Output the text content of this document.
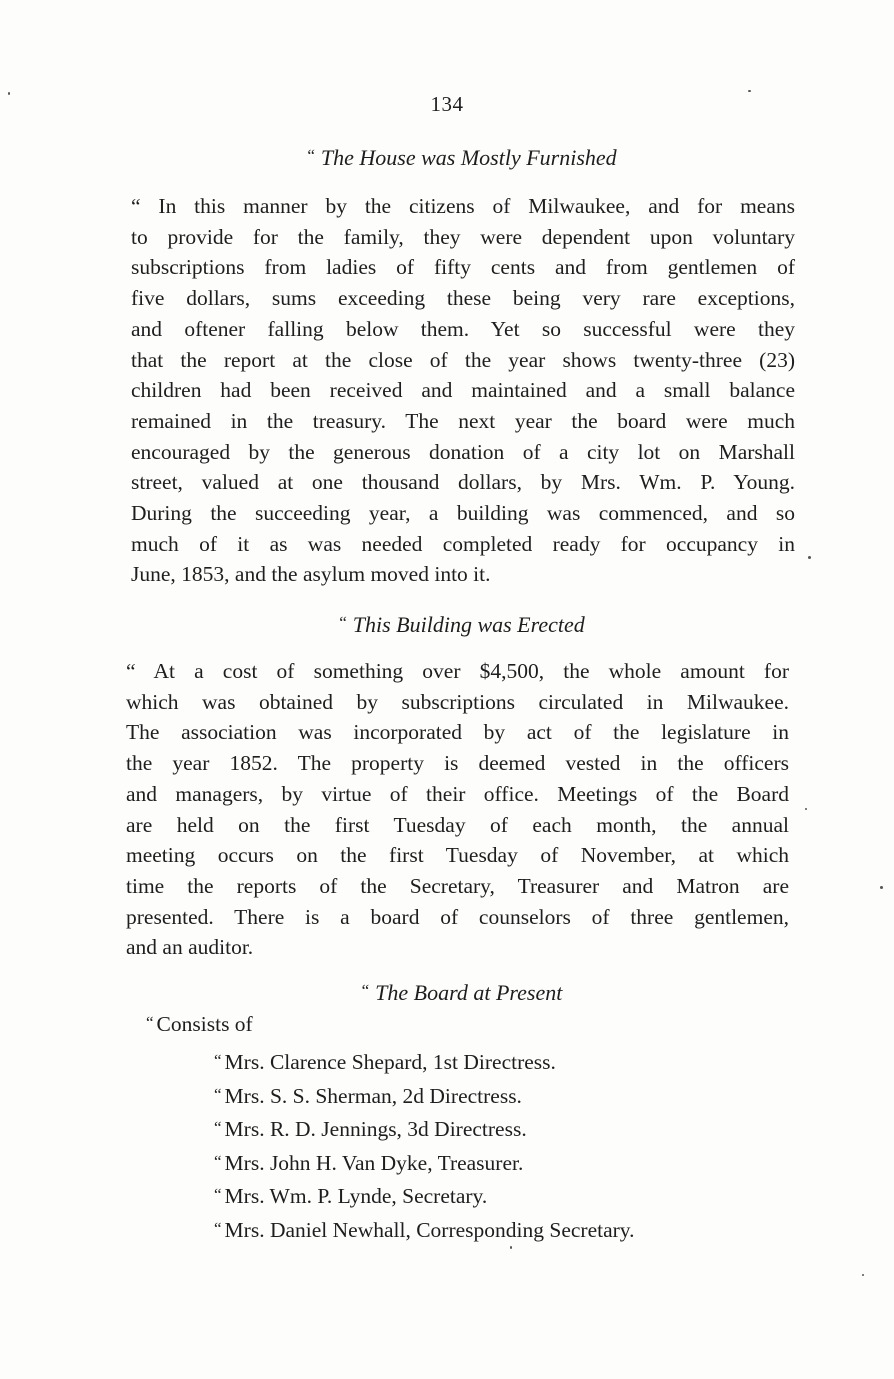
134
“ The House was Mostly Furnished
“ In this manner by the citizens of Milwaukee, and for means
to provide for the family, they were dependent upon voluntary
subscriptions from ladies of fifty cents and from gentlemen of
five dollars, sums exceeding these being very rare exceptions,
and oftener falling below them. Yet so successful were they
that the report at the close of the year shows twenty-three (23)
children had been received and maintained and a small balance
remained in the treasury. The next year the board were much
encouraged by the generous donation of a city lot on Marshall
street, valued at one thousand dollars, by Mrs. Wm. P. Young.
During the succeeding year, a building was commenced, and so
much of it as was needed completed ready for occupancy in
June, 1853, and the asylum moved into it.
“ This Building was Erected
“ At a cost of something over $4,500, the whole amount for
which was obtained by subscriptions circulated in Milwaukee.
The association was incorporated by act of the legislature in
the year 1852. The property is deemed vested in the officers
and managers, by virtue of their office. Meetings of the Board
are held on the first Tuesday of each month, the annual
meeting occurs on the first Tuesday of November, at which
time the reports of the Secretary, Treasurer and Matron are
presented. There is a board of counselors of three gentlemen,
and an auditor.
“ The Board at Present
“ Consists of
“ Mrs. Clarence Shepard, 1st Directress.
“ Mrs. S. S. Sherman, 2d Directress.
“ Mrs. R. D. Jennings, 3d Directress.
“ Mrs. John H. Van Dyke, Treasurer.
“ Mrs. Wm. P. Lynde, Secretary.
“ Mrs. Daniel Newhall, Corresponding Secretary.
